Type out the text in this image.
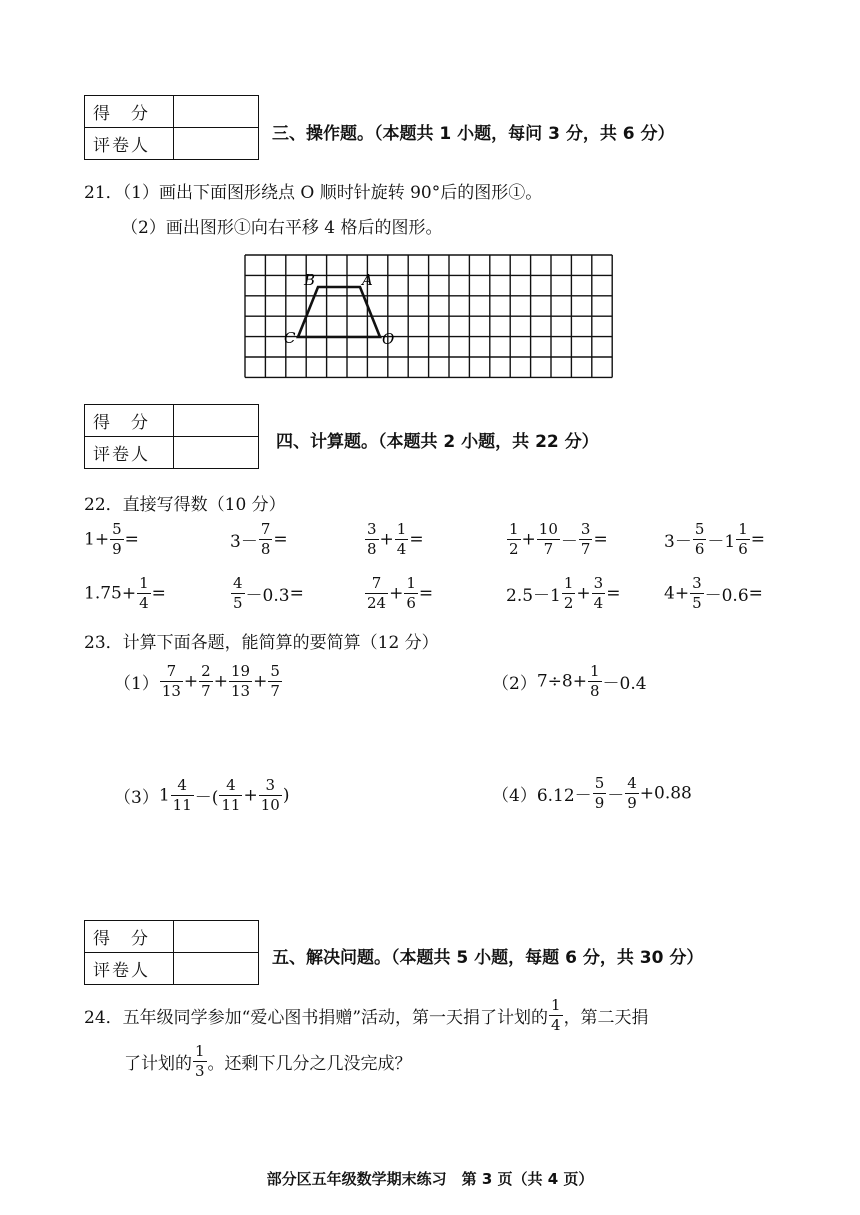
得　分	
评卷人	
三、操作题。（本题共 1 小题，每问 3 分，共 6 分）
21．（1）画出下面图形绕点 O 顺时针旋转 90°后的图形①。
（2）画出图形①向右平移 4 格后的图形。
B	A
C	O
得　分	
评卷人	
四、计算题。（本题共 2 小题，共 22 分）
22．直接写得数（10 分）
$1+ \frac{5}{9}$ =	$3- \frac{7}{8}$ =	$\frac{3}{8} + \frac{1}{4}$ =	$\frac{1}{2} + \frac{10}{7} - \frac{3}{7}$ =	$3- \frac{5}{6} -1 \frac{1}{6}$ =
$1.75+ \frac{1}{4}$ =	$\frac{4}{5} -0.3=$	$\frac{7}{24} + \frac{1}{6}$ =	$2.5-1 \frac{1}{2} + \frac{3}{4}$ =	$4+ \frac{3}{5} -0.6=$
23．计算下面各题，能简算的要简算（12 分）
$(1) \frac{7}{13} + \frac{2}{7} + \frac{19}{13} + \frac{5}{7}$	$(2)7\div 8+ \frac{1}{8} -0.4$
$(3)1 \frac{4}{11}$ －( $\frac{4}{11} + \frac{3}{10}$ )	$(4)6.12- \frac{5}{9} - \frac{4}{9} +0.88$
得　分	
评卷人	
五、解决问题。（本题共 5 小题，每题 6 分，共 30 分）
24．五年级同学参加“爱心图书捐赠”活动，第一天捐了计划的 $\frac{1}{4}$ ，第二天捐
了计划的 $\frac{1}{3}$ 。还剩下几分之几没完成？
部分区五年级数学期末练习　第 3 页（共 4 页）
